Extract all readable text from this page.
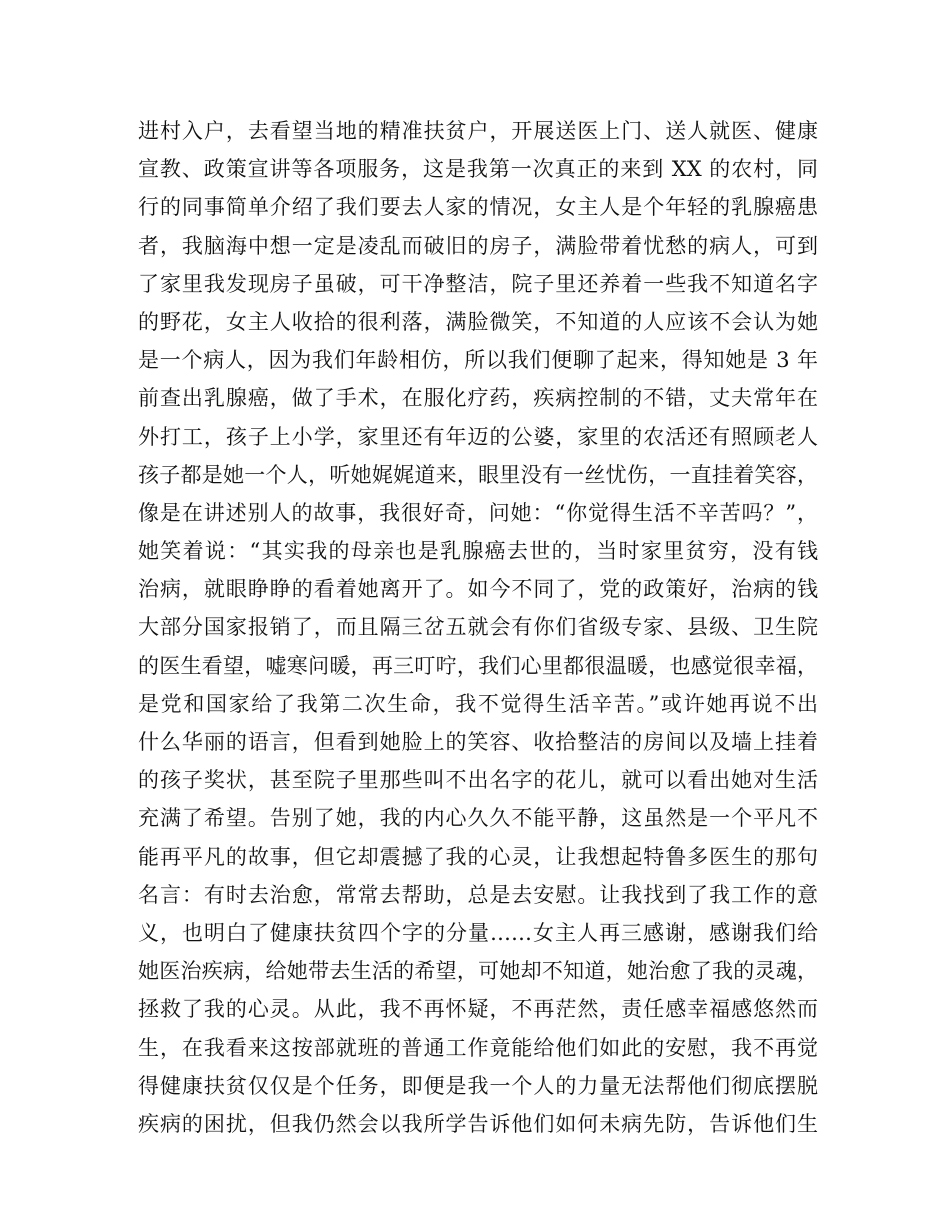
进村入户，去看望当地的精准扶贫户，开展送医上门、送人就医、健康
宣教、政策宣讲等各项服务，这是我第一次真正的来到 XX 的农村，同
行的同事简单介绍了我们要去人家的情况，女主人是个年轻的乳腺癌患
者，我脑海中想一定是凌乱而破旧的房子，满脸带着忧愁的病人，可到
了家里我发现房子虽破，可干净整洁，院子里还养着一些我不知道名字
的野花，女主人收拾的很利落，满脸微笑，不知道的人应该不会认为她
是一个病人，因为我们年龄相仿，所以我们便聊了起来，得知她是 3 年
前查出乳腺癌，做了手术，在服化疗药，疾病控制的不错，丈夫常年在
外打工，孩子上小学，家里还有年迈的公婆，家里的农活还有照顾老人
孩子都是她一个人，听她娓娓道来，眼里没有一丝忧伤，一直挂着笑容，
像是在讲述别人的故事，我很好奇，问她：“你觉得生活不辛苦吗？”，
她笑着说：“其实我的母亲也是乳腺癌去世的，当时家里贫穷，没有钱
治病，就眼睁睁的看着她离开了。如今不同了，党的政策好，治病的钱
大部分国家报销了，而且隔三岔五就会有你们省级专家、县级、卫生院
的医生看望，嘘寒问暖，再三叮咛，我们心里都很温暖，也感觉很幸福，
是党和国家给了我第二次生命，我不觉得生活辛苦。”或许她再说不出
什么华丽的语言，但看到她脸上的笑容、收拾整洁的房间以及墙上挂着
的孩子奖状，甚至院子里那些叫不出名字的花儿，就可以看出她对生活
充满了希望。告别了她，我的内心久久不能平静，这虽然是一个平凡不
能再平凡的故事，但它却震撼了我的心灵，让我想起特鲁多医生的那句
名言：有时去治愈，常常去帮助，总是去安慰。让我找到了我工作的意
义，也明白了健康扶贫四个字的分量……女主人再三感谢，感谢我们给
她医治疾病，给她带去生活的希望，可她却不知道，她治愈了我的灵魂，
拯救了我的心灵。从此，我不再怀疑，不再茫然，责任感幸福感悠然而
生，在我看来这按部就班的普通工作竟能给他们如此的安慰，我不再觉
得健康扶贫仅仅是个任务，即便是我一个人的力量无法帮他们彻底摆脱
疾病的困扰，但我仍然会以我所学告诉他们如何未病先防，告诉他们生
